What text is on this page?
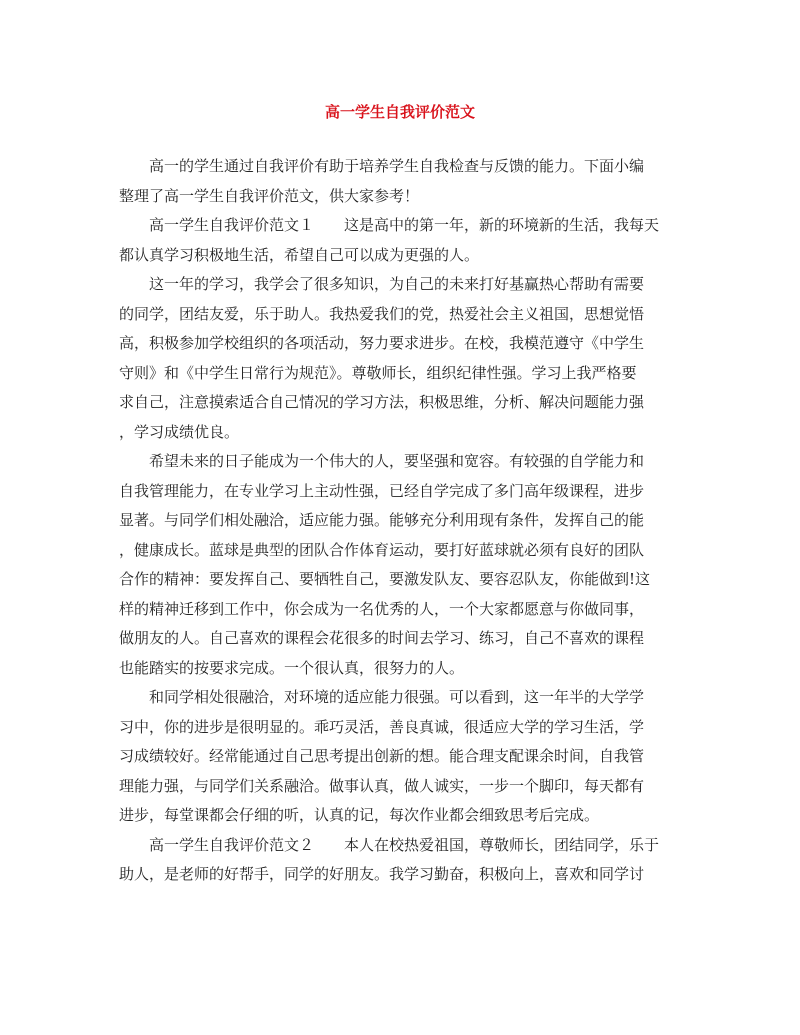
高一学生自我评价范文
高一的学生通过自我评价有助于培养学生自我检查与反馈的能力。下面小编
整理了高一学生自我评价范文，供大家参考！
高一学生自我评价范文１　　这是高中的第一年，新的环境新的生活，我每天
都认真学习积极地生活，希望自己可以成为更强的人。
这一年的学习，我学会了很多知识，为自己的未来打好基赢热心帮助有需要
的同学，团结友爱，乐于助人。我热爱我们的党，热爱社会主义祖国，思想觉悟
高，积极参加学校组织的各项活动，努力要求进步。在校，我模范遵守《中学生
守则》和《中学生日常行为规范》。尊敬师长，组织纪律性强。学习上我严格要
求自己，注意摸索适合自己情况的学习方法，积极思维，分析、解决问题能力强
，学习成绩优良。
希望未来的日子能成为一个伟大的人，要坚强和宽容。有较强的自学能力和
自我管理能力，在专业学习上主动性强，已经自学完成了多门高年级课程，进步
显著。与同学们相处融洽，适应能力强。能够充分利用现有条件，发挥自己的能
，健康成长。蓝球是典型的团队合作体育运动，要打好蓝球就必须有良好的团队
合作的精神：要发挥自己、要牺牲自己，要激发队友、要容忍队友，你能做到!这
样的精神迁移到工作中，你会成为一名优秀的人，一个大家都愿意与你做同事，
做朋友的人。自己喜欢的课程会花很多的时间去学习、练习，自己不喜欢的课程
也能踏实的按要求完成。一个很认真，很努力的人。
和同学相处很融洽，对环境的适应能力很强。可以看到，这一年半的大学学
习中，你的进步是很明显的。乖巧灵活，善良真诚，很适应大学的学习生活，学
习成绩较好。经常能通过自己思考提出创新的想。能合理支配课余时间，自我管
理能力强，与同学们关系融洽。做事认真，做人诚实，一步一个脚印，每天都有
进步，每堂课都会仔细的听，认真的记，每次作业都会细致思考后完成。
高一学生自我评价范文２　　本人在校热爱祖国，尊敬师长，团结同学，乐于
助人，是老师的好帮手，同学的好朋友。我学习勤奋，积极向上，喜欢和同学讨
